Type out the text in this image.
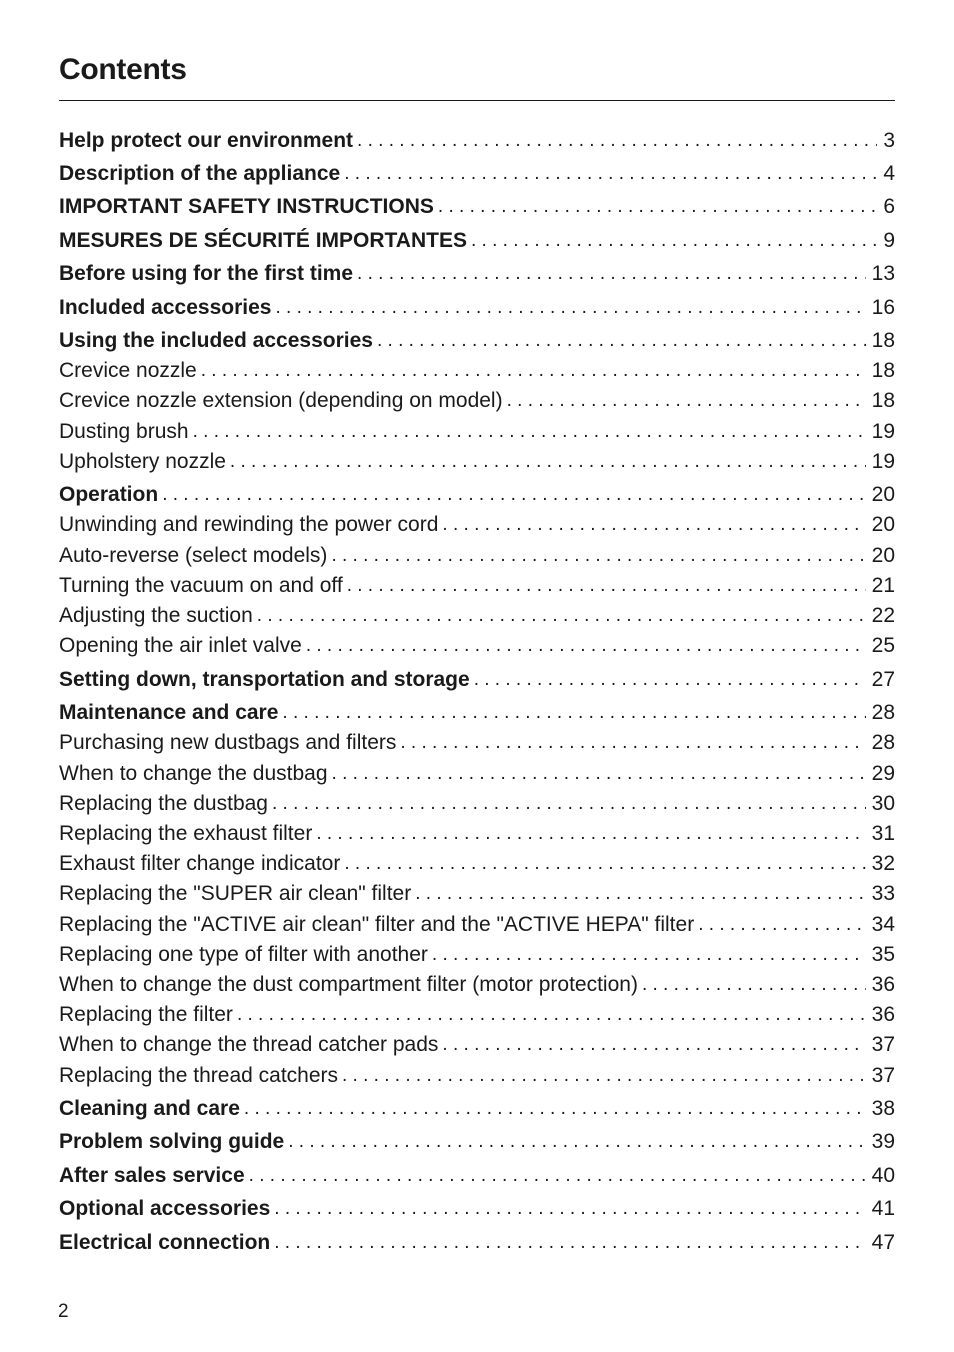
Contents
Help protect our environment . . .	3
Description of the appliance . . .	4
IMPORTANT SAFETY INSTRUCTIONS . . .	6
MESURES DE SÉCURITÉ IMPORTANTES . . .	9
Before using for the first time . . .	13
Included accessories . . .	16
Using the included accessories . . .	18
Crevice nozzle . . .	18
Crevice nozzle extension (depending on model) . . .	18
Dusting brush . . .	19
Upholstery nozzle . . .	19
Operation . . .	20
Unwinding and rewinding the power cord . . .	20
Auto-reverse (select models) . . .	20
Turning the vacuum on and off . . .	21
Adjusting the suction . . .	22
Opening the air inlet valve . . .	25
Setting down, transportation and storage . . .	27
Maintenance and care . . .	28
Purchasing new dustbags and filters . . .	28
When to change the dustbag . . .	29
Replacing the dustbag . . .	30
Replacing the exhaust filter . . .	31
Exhaust filter change indicator . . .	32
Replacing the "SUPER air clean" filter . . .	33
Replacing the "ACTIVE air clean" filter and the "ACTIVE HEPA" filter . . .	34
Replacing one type of filter with another . . .	35
When to change the dust compartment filter (motor protection) . . .	36
Replacing the filter . . .	36
When to change the thread catcher pads . . .	37
Replacing the thread catchers . . .	37
Cleaning and care . . .	38
Problem solving guide . . .	39
After sales service . . .	40
Optional accessories . . .	41
Electrical connection . . .	47
2
